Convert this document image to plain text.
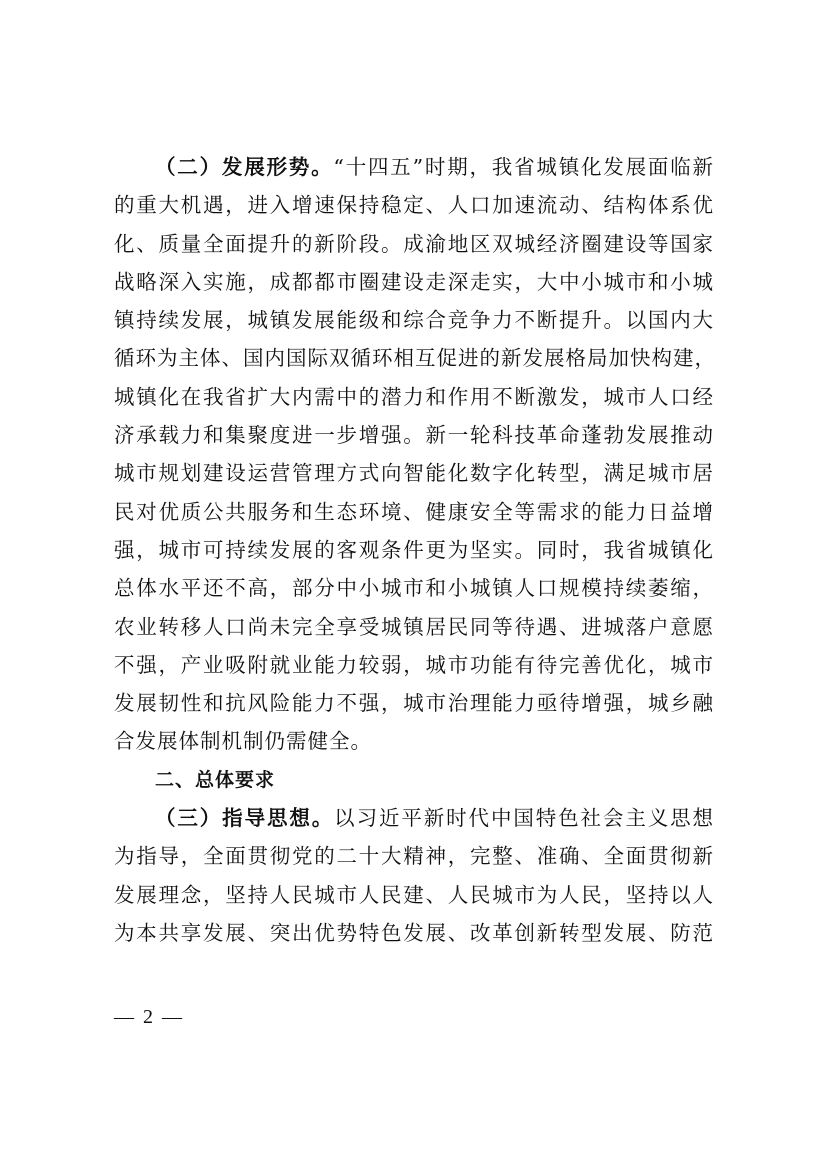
（二）发展形势。“十四五”时期，我省城镇化发展面临新
的重大机遇，进入增速保持稳定、人口加速流动、结构体系优
化、质量全面提升的新阶段。成渝地区双城经济圈建设等国家
战略深入实施，成都都市圈建设走深走实，大中小城市和小城
镇持续发展，城镇发展能级和综合竞争力不断提升。以国内大
循环为主体、国内国际双循环相互促进的新发展格局加快构建，
城镇化在我省扩大内需中的潜力和作用不断激发，城市人口经
济承载力和集聚度进一步增强。新一轮科技革命蓬勃发展推动
城市规划建设运营管理方式向智能化数字化转型，满足城市居
民对优质公共服务和生态环境、健康安全等需求的能力日益增
强，城市可持续发展的客观条件更为坚实。同时，我省城镇化
总体水平还不高，部分中小城市和小城镇人口规模持续萎缩，
农业转移人口尚未完全享受城镇居民同等待遇、进城落户意愿
不强，产业吸附就业能力较弱，城市功能有待完善优化，城市
发展韧性和抗风险能力不强，城市治理能力亟待增强，城乡融
合发展体制机制仍需健全。
二、总体要求
（三）指导思想。以习近平新时代中国特色社会主义思想
为指导，全面贯彻党的二十大精神，完整、准确、全面贯彻新
发展理念，坚持人民城市人民建、人民城市为人民，坚持以人
为本共享发展、突出优势特色发展、改革创新转型发展、防范
— 2 —
